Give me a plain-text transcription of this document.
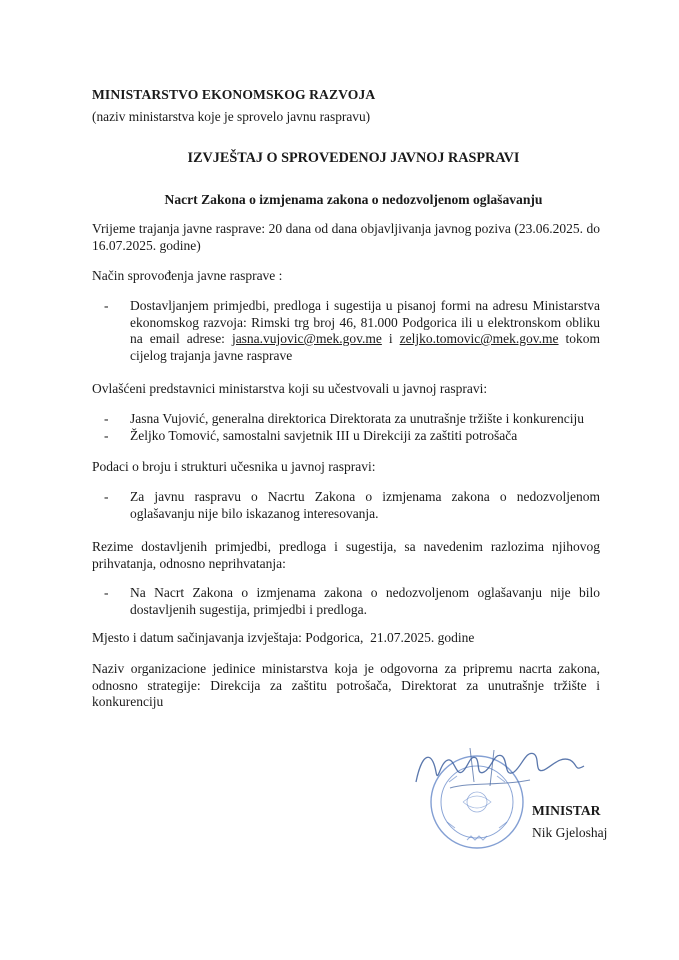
MINISTARSTVO EKONOMSKOG RAZVOJA
(naziv ministarstva koje je sprovelo javnu raspravu)
IZVJEŠTAJ O SPROVEDENOJ JAVNOJ RASPRAVI
Nacrt Zakona o izmjenama zakona o nedozvoljenom oglašavanju
Vrijeme trajanja javne rasprave: 20 dana od dana objavljivanja javnog poziva (23.06.2025. do 16.07.2025. godine)
Način sprovođenja javne rasprave :
-	Dostavljanjem primjedbi, predloga i sugestija u pisanoj formi na adresu Ministarstva ekonomskog razvoja: Rimski trg broj 46, 81.000 Podgorica ili u elektronskom obliku na email adrese: jasna.vujovic@mek.gov.me i zeljko.tomovic@mek.gov.me tokom cijelog trajanja javne rasprave
Ovlašćeni predstavnici ministarstva koji su učestvovali u javnoj raspravi:
- Jasna Vujović, generalna direktorica Direktorata za unutrašnje tržište i konkurenciju
- Željko Tomović, samostalni savjetnik III u Direkciji za zaštiti potrošača
Podaci o broju i strukturi učesnika u javnoj raspravi:
-	Za javnu raspravu o Nacrtu Zakona o izmjenama zakona o nedozvoljenom oglašavanju nije bilo iskazanog interesovanja.
Rezime dostavljenih primjedbi, predloga i sugestija, sa navedenim razlozima njihovog prihvatanja, odnosno neprihvatanja:
-	Na Nacrt Zakona o izmjenama zakona o nedozvoljenom oglašavanju nije bilo dostavljenih sugestija, primjedbi i predloga.
Mjesto i datum sačinjavanja izvještaja: Podgorica,  21.07.2025. godine
Naziv organizacione jedinice ministarstva koja je odgovorna za pripremu nacrta zakona, odnosno strategije: Direkcija za zaštitu potrošača, Direktorat za unutrašnje tržište i konkurenciju
MINISTAR
Nik Gjeloshaj
